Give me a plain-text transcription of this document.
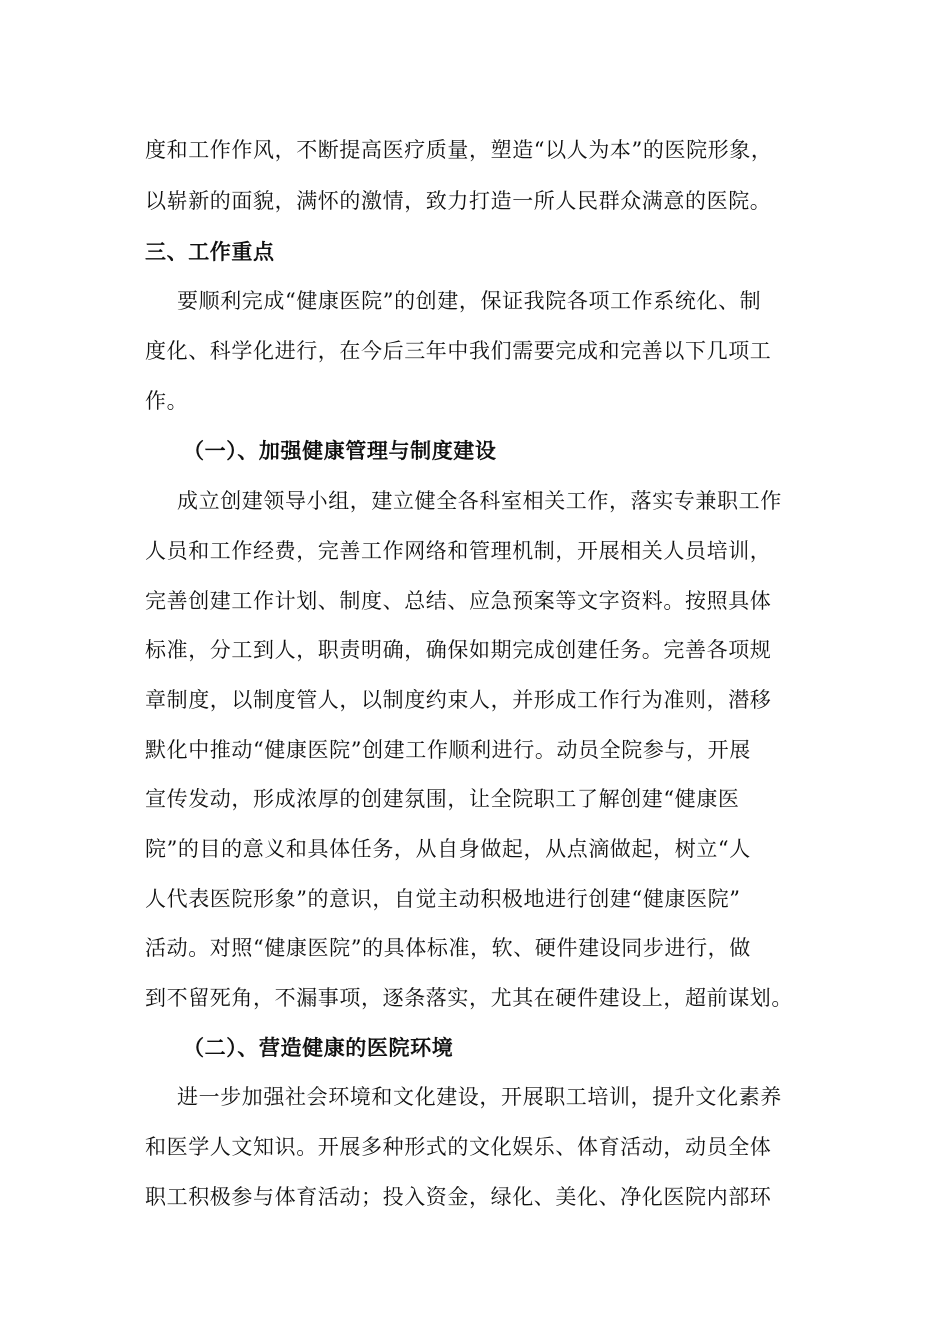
度和工作作风，不断提高医疗质量，塑造“以人为本”的医院形象，
以崭新的面貌，满怀的激情，致力打造一所人民群众满意的医院。
三、工作重点
要顺利完成“健康医院”的创建，保证我院各项工作系统化、制
度化、科学化进行，在今后三年中我们需要完成和完善以下几项工
作。
（一）、加强健康管理与制度建设
成立创建领导小组，建立健全各科室相关工作，落实专兼职工作
人员和工作经费，完善工作网络和管理机制，开展相关人员培训，
完善创建工作计划、制度、总结、应急预案等文字资料。按照具体
标准，分工到人，职责明确，确保如期完成创建任务。完善各项规
章制度，以制度管人，以制度约束人，并形成工作行为准则，潜移
默化中推动“健康医院”创建工作顺利进行。动员全院参与，开展
宣传发动，形成浓厚的创建氛围，让全院职工了解创建“健康医
院”的目的意义和具体任务，从自身做起，从点滴做起，树立“人
人代表医院形象”的意识，自觉主动积极地进行创建“健康医院”
活动。对照“健康医院”的具体标准，软、硬件建设同步进行，做
到不留死角，不漏事项，逐条落实，尤其在硬件建设上，超前谋划。
（二）、营造健康的医院环境
进一步加强社会环境和文化建设，开展职工培训，提升文化素养
和医学人文知识。开展多种形式的文化娱乐、体育活动，动员全体
职工积极参与体育活动；投入资金，绿化、美化、净化医院内部环
